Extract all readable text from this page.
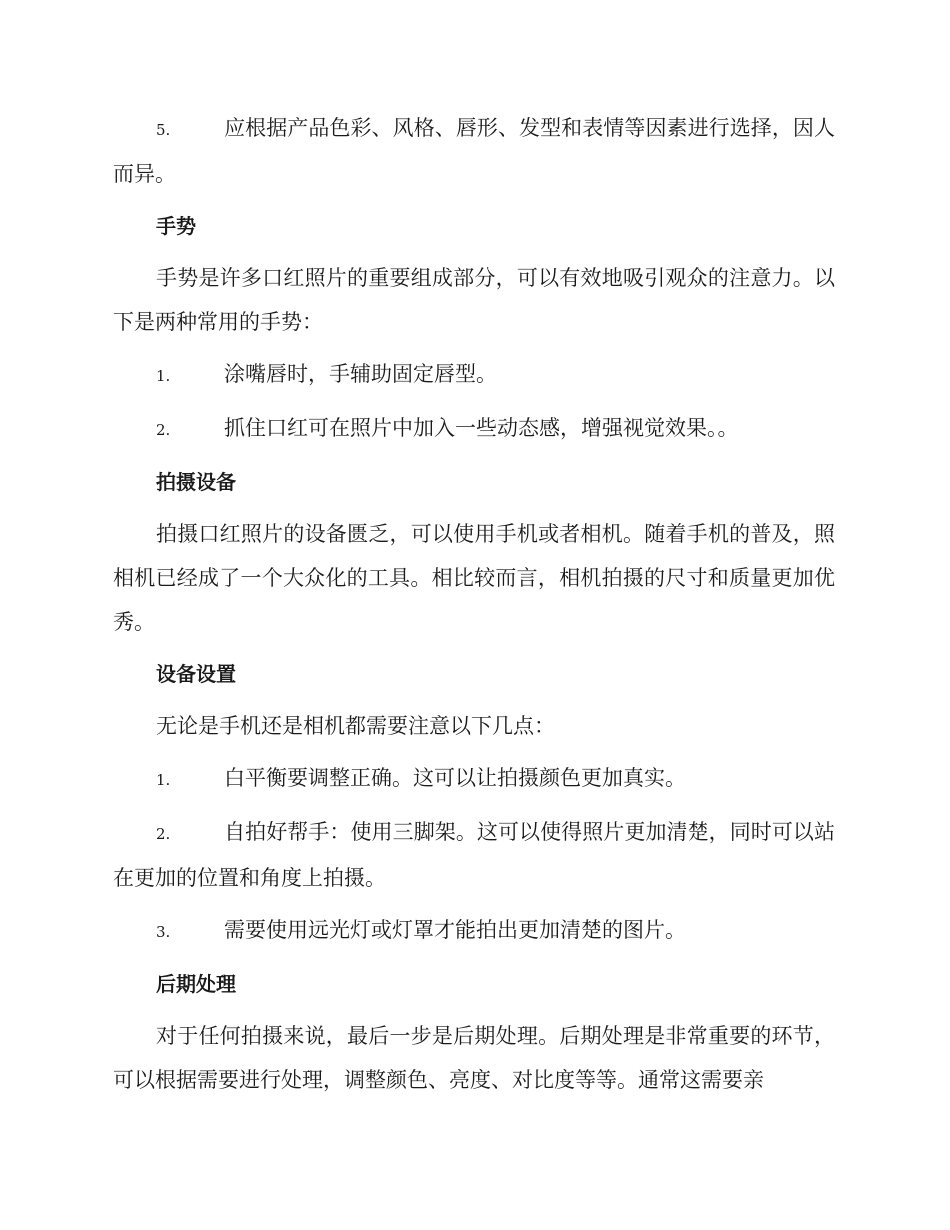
5.	应根据产品色彩、风格、唇形、发型和表情等因素进行选择，因人而异。
手势
手势是许多口红照片的重要组成部分，可以有效地吸引观众的注意力。以下是两种常用的手势：
1.	涂嘴唇时，手辅助固定唇型。
2.	抓住口红可在照片中加入一些动态感，增强视觉效果。。
拍摄设备
拍摄口红照片的设备匮乏，可以使用手机或者相机。随着手机的普及，照相机已经成了一个大众化的工具。相比较而言，相机拍摄的尺寸和质量更加优秀。
设备设置
无论是手机还是相机都需要注意以下几点：
1.	白平衡要调整正确。这可以让拍摄颜色更加真实。
2.	自拍好帮手：使用三脚架。这可以使得照片更加清楚，同时可以站在更加的位置和角度上拍摄。
3.	需要使用远光灯或灯罩才能拍出更加清楚的图片。
后期处理
对于任何拍摄来说，最后一步是后期处理。后期处理是非常重要的环节，可以根据需要进行处理，调整颜色、亮度、对比度等等。通常这需要亲
